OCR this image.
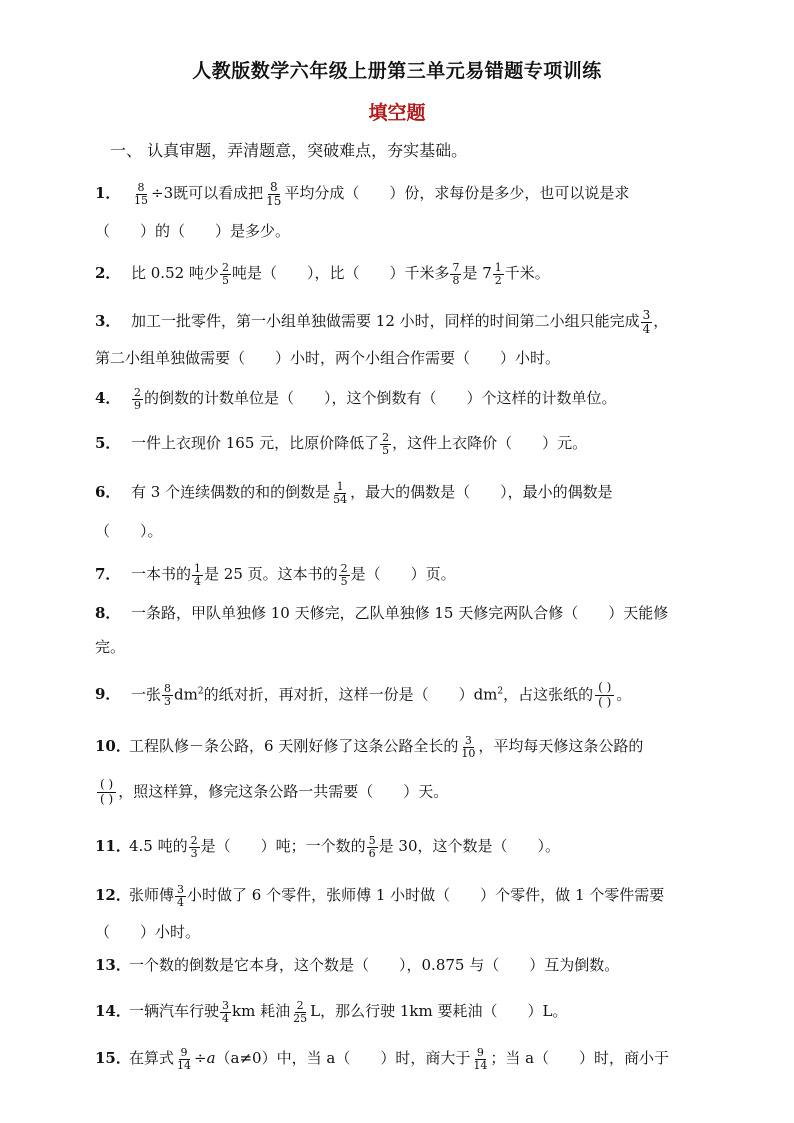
人教版数学六年级上册第三单元易错题专项训练
填空题
一、 认真审题，弄清题意，突破难点，夯实基础。
1． $\frac{8}{15} \div 3$既可以看成把 $\frac{8}{15}$ 平均分成（　　）份，求每份是多少，也可以说是求
（　　）的（　　）是多少。
2． 比 0.52 吨少 $\frac{2}{5}$ 吨是（　　），比（　　）千米多 $\frac{7}{8}$ 是 $7 \frac{1}{2}$ 千米。
3． 加工一批零件，第一小组单独做需要 12 小时，同样的时间第二小组只能完成 $\frac{3}{4}$ ，
第二小组单独做需要（　　）小时，两个小组合作需要（　　）小时。
4． $\frac{2}{9}$ 的倒数的计数单位是（　　），这个倒数有（　　）个这样的计数单位。
5． 一件上衣现价 165 元，比原价降低了 $\frac{2}{5}$ ，这件上衣降价（　　）元。
6． 有 3 个连续偶数的和的倒数是 $\frac{1}{54}$ ，最大的偶数是（　　），最小的偶数是
（　　）。
7． 一本书的 $\frac{1}{4}$ 是 25 页。这本书的 $\frac{2}{5}$ 是（　　）页。
8． 一条路，甲队单独修 10 天修完，乙队单独修 15 天修完两队合修（　　）天能修
完。
9． 一张 $\frac{8}{3} dm^2$的纸对折，再对折，这样一份是（　　）$dm^2$，占这张纸的 $\frac{( )}{( )}$ 。
10．工程队修－条公路，6 天刚好修了这条公路全长的 $\frac{3}{10}$ ，平均每天修这条公路的
$\frac{( )}{( )}$ ，照这样算，修完这条公路一共需要（　　）天。
11．4.5 吨的 $\frac{2}{3}$ 是（　　）吨；一个数的 $\frac{5}{6}$ 是 30，这个数是（　　）。
12．张师傅 $\frac{3}{4}$ 小时做了 6 个零件，张师傅 1 小时做（　　）个零件，做 1 个零件需要
（　　）小时。
13．一个数的倒数是它本身，这个数是（　　），0.875 与（　　）互为倒数。
14．一辆汽车行驶 $\frac{3}{4}$ km 耗油 $\frac{2}{25}$ L，那么行驶 1km 要耗油（　　）L。
15．在算式 $\frac{9}{14} \div a(a\ne 0)$中，当 a（　　）时，商大于 $\frac{9}{14}$ ；当 a（　　）时，商小于
